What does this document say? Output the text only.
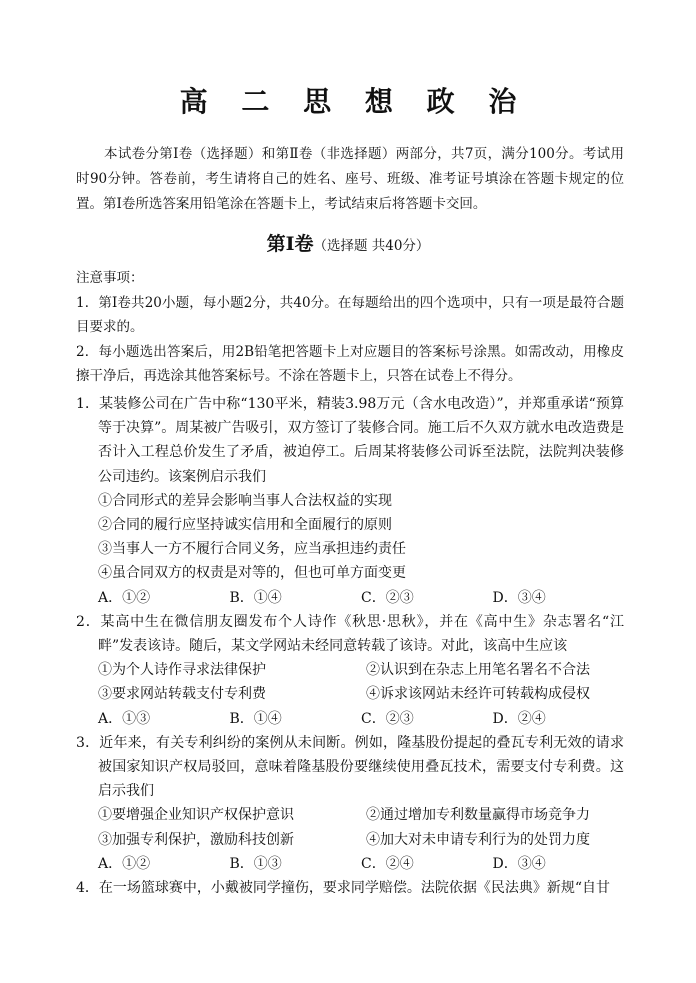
高 二 思 想 政 治
本试卷分第Ⅰ卷（选择题）和第Ⅱ卷（非选择题）两部分，共7页，满分100分。考试用时90分钟。答卷前，考生请将自己的姓名、座号、班级、准考证号填涂在答题卡规定的位置。第Ⅰ卷所选答案用铅笔涂在答题卡上，考试结束后将答题卡交回。
第Ⅰ卷（选择题 共40分）
注意事项：
1．第Ⅰ卷共20小题，每小题2分，共40分。在每题给出的四个选项中，只有一项是最符合题目要求的。
2．每小题选出答案后，用2B铅笔把答题卡上对应题目的答案标号涂黑。如需改动，用橡皮擦干净后，再选涂其他答案标号。不涂在答题卡上，只答在试卷上不得分。
1．某装修公司在广告中称“130平米，精装3.98万元（含水电改造）”，并郑重承诺“预算等于决算”。周某被广告吸引，双方签订了装修合同。施工后不久双方就水电改造费是否计入工程总价发生了矛盾，被迫停工。后周某将装修公司诉至法院，法院判决装修公司违约。该案例启示我们
①合同形式的差异会影响当事人合法权益的实现
②合同的履行应坚持诚实信用和全面履行的原则
③当事人一方不履行合同义务，应当承担违约责任
④虽合同双方的权责是对等的，但也可单方面变更
A．①②	B．①④	C．②③	D．③④
2．某高中生在微信朋友圈发布个人诗作《秋思·思秋》，并在《高中生》杂志署名“江畔”发表该诗。随后，某文学网站未经同意转载了该诗。对此，该高中生应该
①为个人诗作寻求法律保护	②认识到在杂志上用笔名署名不合法
③要求网站转载支付专利费	④诉求该网站未经许可转载构成侵权
A．①③	B．①④	C．②③	D．②④
3．近年来，有关专利纠纷的案例从未间断。例如，隆基股份提起的叠瓦专利无效的请求被国家知识产权局驳回，意味着隆基股份要继续使用叠瓦技术，需要支付专利费。这启示我们
①要增强企业知识产权保护意识	②通过增加专利数量赢得市场竞争力
③加强专利保护，激励科技创新	④加大对未申请专利行为的处罚力度
A．①②	B．①③	C．②④	D．③④
4．在一场篮球赛中，小戴被同学撞伤，要求同学赔偿。法院依据《民法典》新规“自甘
